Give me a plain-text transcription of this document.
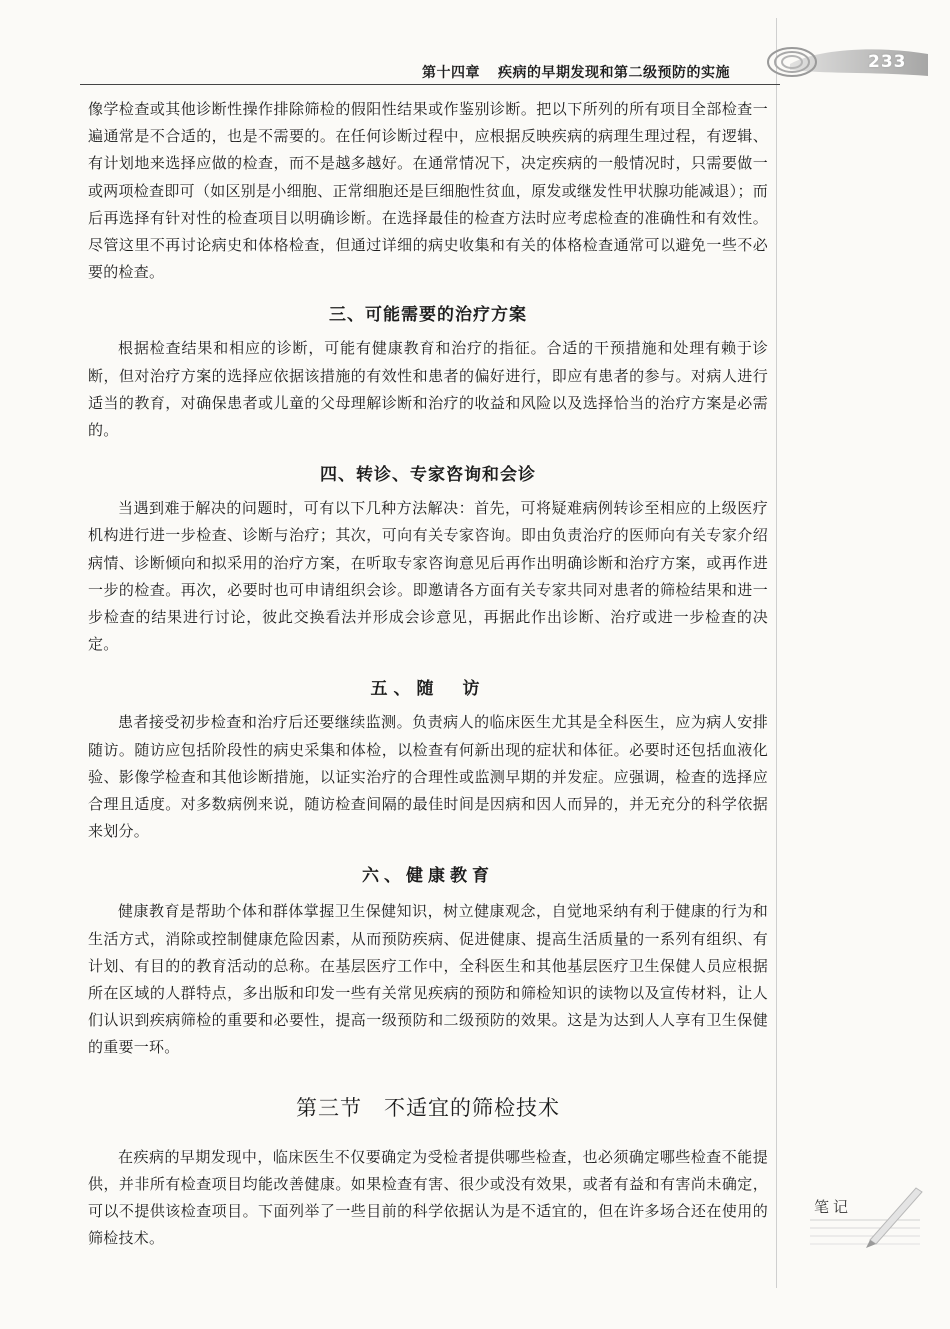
233
第十四章 疾病的早期发现和第二级预防的实施

像学检查或其他诊断性操作排除筛检的假阳性结果或作鉴别诊断。把以下所列的所有项目全部检查一遍通常是不合适的，也是不需要的。在任何诊断过程中，应根据反映疾病的病理生理过程，有逻辑、有计划地来选择应做的检查，而不是越多越好。在通常情况下，决定疾病的一般情况时，只需要做一或两项检查即可（如区别是小细胞、正常细胞还是巨细胞性贫血，原发或继发性甲状腺功能减退）；而后再选择有针对性的检查项目以明确诊断。在选择最佳的检查方法时应考虑检查的准确性和有效性。尽管这里不再讨论病史和体格检查，但通过详细的病史收集和有关的体格检查通常可以避免一些不必要的检查。

三、可能需要的治疗方案

根据检查结果和相应的诊断，可能有健康教育和治疗的指征。合适的干预措施和处理有赖于诊断，但对治疗方案的选择应依据该措施的有效性和患者的偏好进行，即应有患者的参与。对病人进行适当的教育，对确保患者或儿童的父母理解诊断和治疗的收益和风险以及选择恰当的治疗方案是必需的。

四、转诊、专家咨询和会诊

当遇到难于解决的问题时，可有以下几种方法解决：首先，可将疑难病例转诊至相应的上级医疗机构进行进一步检查、诊断与治疗；其次，可向有关专家咨询。即由负责治疗的医师向有关专家介绍病情、诊断倾向和拟采用的治疗方案，在听取专家咨询意见后再作出明确诊断和治疗方案，或再作进一步的检查。再次，必要时也可申请组织会诊。即邀请各方面有关专家共同对患者的筛检结果和进一步检查的结果进行讨论，彼此交换看法并形成会诊意见，再据此作出诊断、治疗或进一步检查的决定。

五、随　访

患者接受初步检查和治疗后还要继续监测。负责病人的临床医生尤其是全科医生，应为病人安排随访。随访应包括阶段性的病史采集和体检，以检查有何新出现的症状和体征。必要时还包括血液化验、影像学检查和其他诊断措施，以证实治疗的合理性或监测早期的并发症。应强调，检查的选择应合理且适度。对多数病例来说，随访检查间隔的最佳时间是因病和因人而异的，并无充分的科学依据来划分。

六、健康教育

健康教育是帮助个体和群体掌握卫生保健知识，树立健康观念，自觉地采纳有利于健康的行为和生活方式，消除或控制健康危险因素，从而预防疾病、促进健康、提高生活质量的一系列有组织、有计划、有目的的教育活动的总称。在基层医疗工作中，全科医生和其他基层医疗卫生保健人员应根据所在区域的人群特点，多出版和印发一些有关常见疾病的预防和筛检知识的读物以及宣传材料，让人们认识到疾病筛检的重要和必要性，提高一级预防和二级预防的效果。这是为达到人人享有卫生保健的重要一环。

第三节 不适宜的筛检技术

在疾病的早期发现中，临床医生不仅要确定为受检者提供哪些检查，也必须确定哪些检查不能提供，并非所有检查项目均能改善健康。如果检查有害、很少或没有效果，或者有益和有害尚未确定，可以不提供该检查项目。下面列举了一些目前的科学依据认为是不适宜的，但在许多场合还在使用的筛检技术。

笔记
